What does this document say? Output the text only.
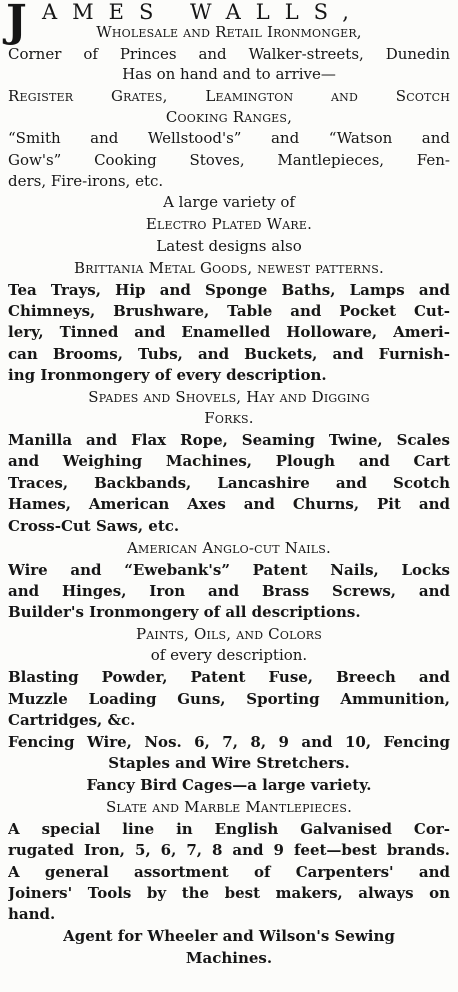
J AMES WALLS,
Wholesale and Retail Ironmonger,
Corner of Princes and Walker-streets, Dunedin
Has on hand and to arrive—
Register Grates, Leamington and Scotch
Cooking Ranges,
“Smith and Wellstood's” and “Watson and
Gow's” Cooking Stoves, Mantlepieces, Fen-
ders, Fire-irons, etc.
A large variety of
Electro Plated Ware.
Latest designs also
Brittania Metal Goods, newest patterns.
Tea Trays, Hip and Sponge Baths, Lamps and
Chimneys, Brushware, Table and Pocket Cut-
lery, Tinned and Enamelled Holloware, Ameri-
can Brooms, Tubs, and Buckets, and Furnish-
ing Ironmongery of every description.
Spades and Shovels, Hay and Digging
Forks.
Manilla and Flax Rope, Seaming Twine, Scales
and Weighing Machines, Plough and Cart
Traces, Backbands, Lancashire and Scotch
Hames, American Axes and Churns, Pit and
Cross-Cut Saws, etc.
American Anglo-cut Nails.
Wire and “Ewebank's” Patent Nails, Locks
and Hinges, Iron and Brass Screws, and
Builder's Ironmongery of all descriptions.
Paints, Oils, and Colors
of every description.
Blasting Powder, Patent Fuse, Breech and
Muzzle Loading Guns, Sporting Ammunition,
Cartridges, &c.
Fencing Wire, Nos. 6, 7, 8, 9 and 10, Fencing
Staples and Wire Stretchers.
Fancy Bird Cages—a large variety.
Slate and Marble Mantlepieces.
A special line in English Galvanised Cor-
rugated Iron, 5, 6, 7, 8 and 9 feet—best brands.
A general assortment of Carpenters' and
Joiners' Tools by the best makers, always on
hand.
Agent for Wheeler and Wilson's Sewing
Machines.
